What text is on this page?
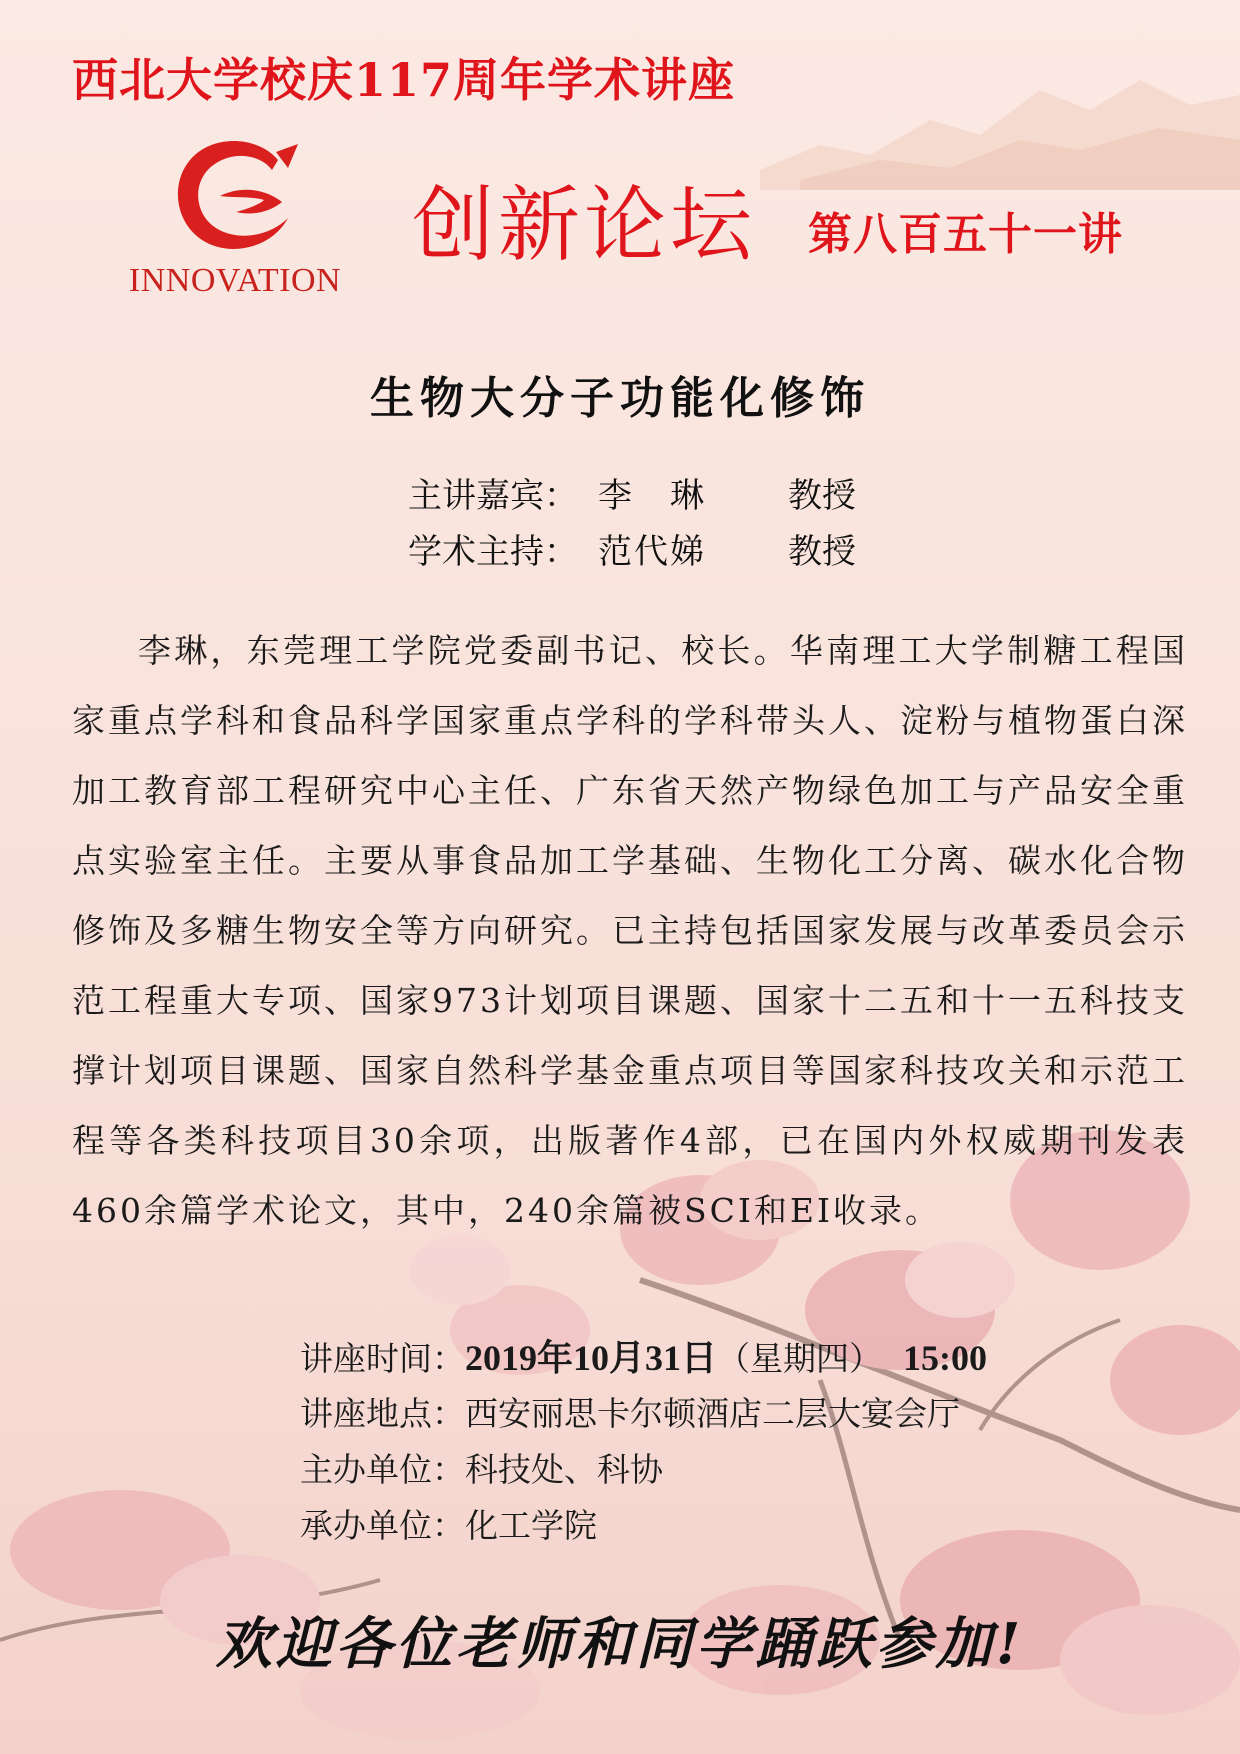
西北大学校庆117周年学术讲座
INNOVATION
创新论坛 第八百五十一讲
生物大分子功能化修饰
主讲嘉宾： 李　琳 教授
学术主持： 范代娣 教授
李琳，东莞理工学院党委副书记、校长。华南理工大学制糖工程国家重点学科和食品科学国家重点学科的学科带头人、淀粉与植物蛋白深加工教育部工程研究中心主任、广东省天然产物绿色加工与产品安全重点实验室主任。主要从事食品加工学基础、生物化工分离、碳水化合物修饰及多糖生物安全等方向研究。已主持包括国家发展与改革委员会示范工程重大专项、国家973计划项目课题、国家十二五和十一五科技支撑计划项目课题、国家自然科学基金重点项目等国家科技攻关和示范工程等各类科技项目30余项，出版著作4部，已在国内外权威期刊发表460余篇学术论文，其中，240余篇被SCI和EI收录。
讲座时间：2019年10月31日（星期四） 15:00
讲座地点：西安丽思卡尔顿酒店二层大宴会厅
主办单位：科技处、科协
承办单位：化工学院
欢迎各位老师和同学踊跃参加!
